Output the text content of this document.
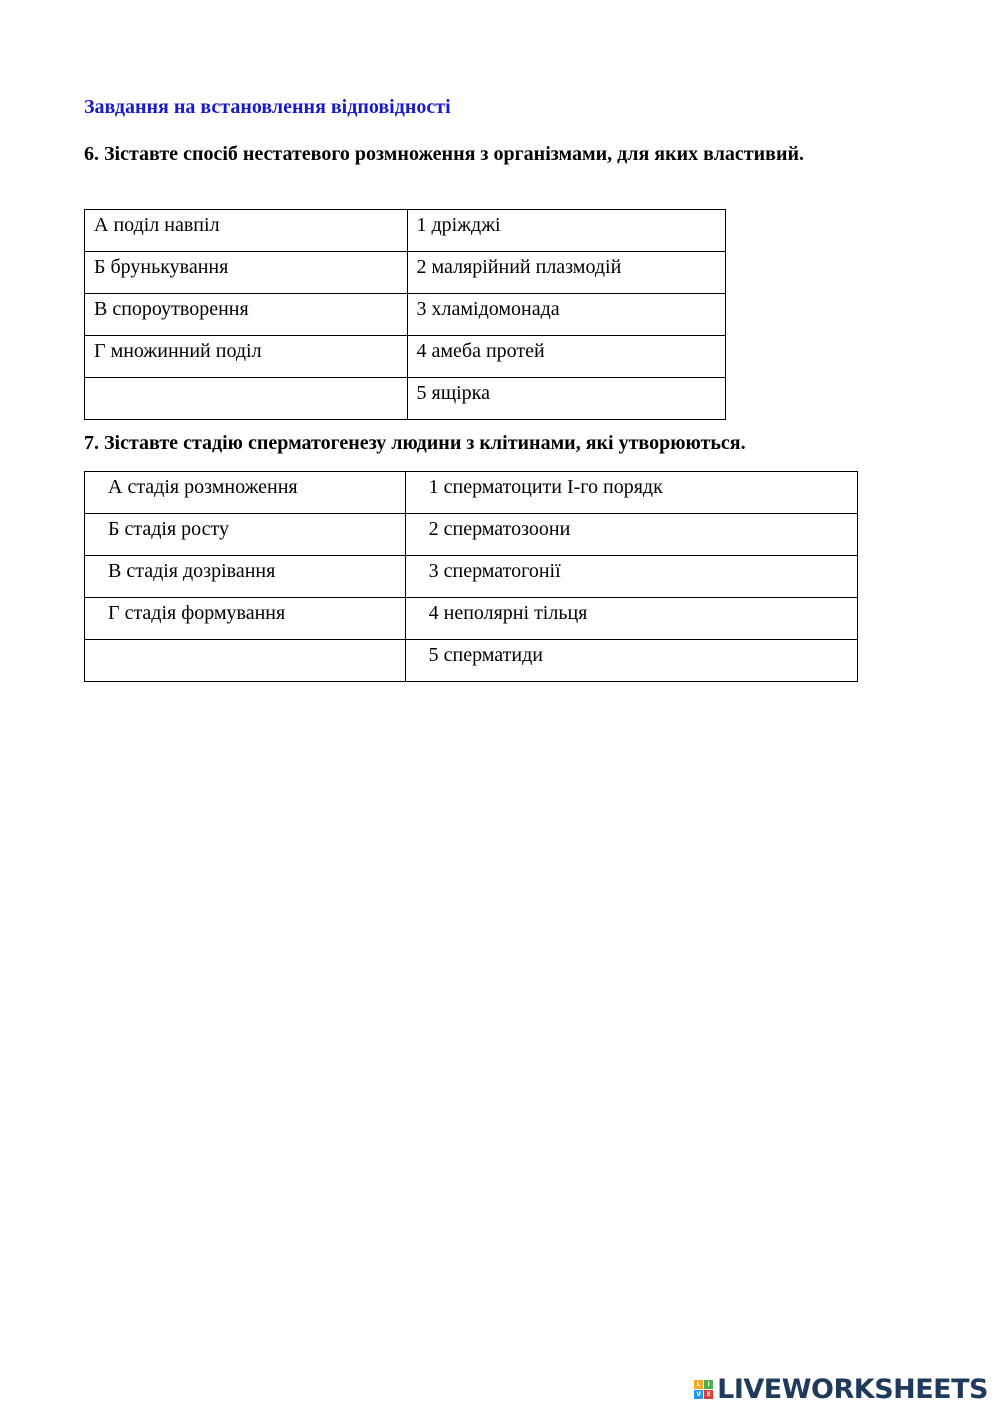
Завдання на встановлення відповідності

6. Зіставте спосіб нестатевого розмноження з організмами, для яких властивий.

А поділ навпіл	1 дріжджі
Б брунькування	2 малярійний плазмодій
В спороутворення	3 хламідомонада
Г множинний поділ	4 амеба протей
	5 ящірка

7. Зіставте стадію сперматогенезу людини з клітинами, які утворюються.

А стадія розмноження	1 сперматоцити І-го порядк
Б стадія росту	2 сперматозоони
В стадія дозрівання	3 сперматогонії
Г стадія формування	4 неполярні тільця
	5 сперматиди
L	I
V E LIVEWORKSHEETS
